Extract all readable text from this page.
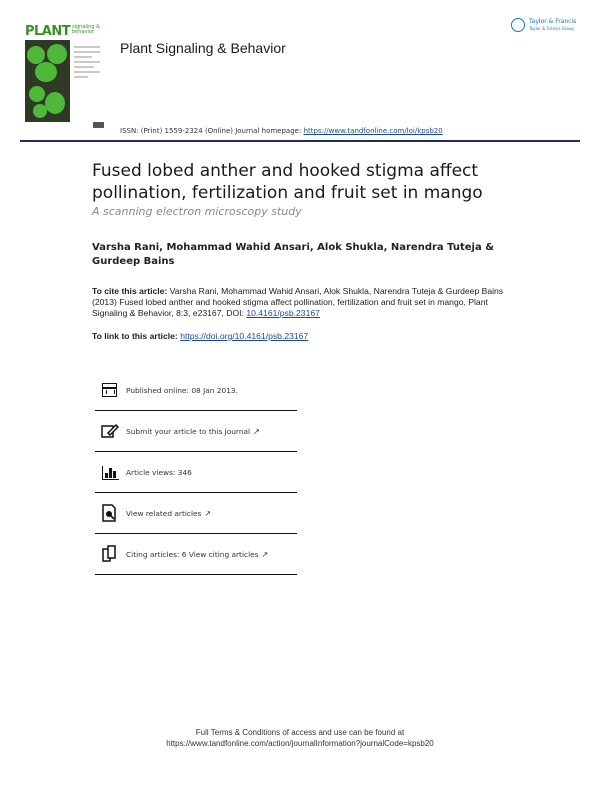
PLANT signaling & behavior
Plant Signaling & Behavior
ISSN: (Print) 1559-2324 (Online) Journal homepage: https://www.tandfonline.com/loi/kpsb20
Taylor & Francis
Taylor & Francis Group
Fused lobed anther and hooked stigma affect pollination, fertilization and fruit set in mango
A scanning electron microscopy study
Varsha Rani, Mohammad Wahid Ansari, Alok Shukla, Narendra Tuteja & Gurdeep Bains
To cite this article: Varsha Rani, Mohammad Wahid Ansari, Alok Shukla, Narendra Tuteja & Gurdeep Bains (2013) Fused lobed anther and hooked stigma affect pollination, fertilization and fruit set in mango, Plant Signaling & Behavior, 8:3, e23167, DOI: 10.4161/psb.23167
To link to this article: https://doi.org/10.4161/psb.23167
Published online: 08 Jan 2013.
Submit your article to this journal ↗
Article views: 346
View related articles ↗
Citing articles: 6 View citing articles ↗
Full Terms & Conditions of access and use can be found at
https://www.tandfonline.com/action/journalInformation?journalCode=kpsb20
